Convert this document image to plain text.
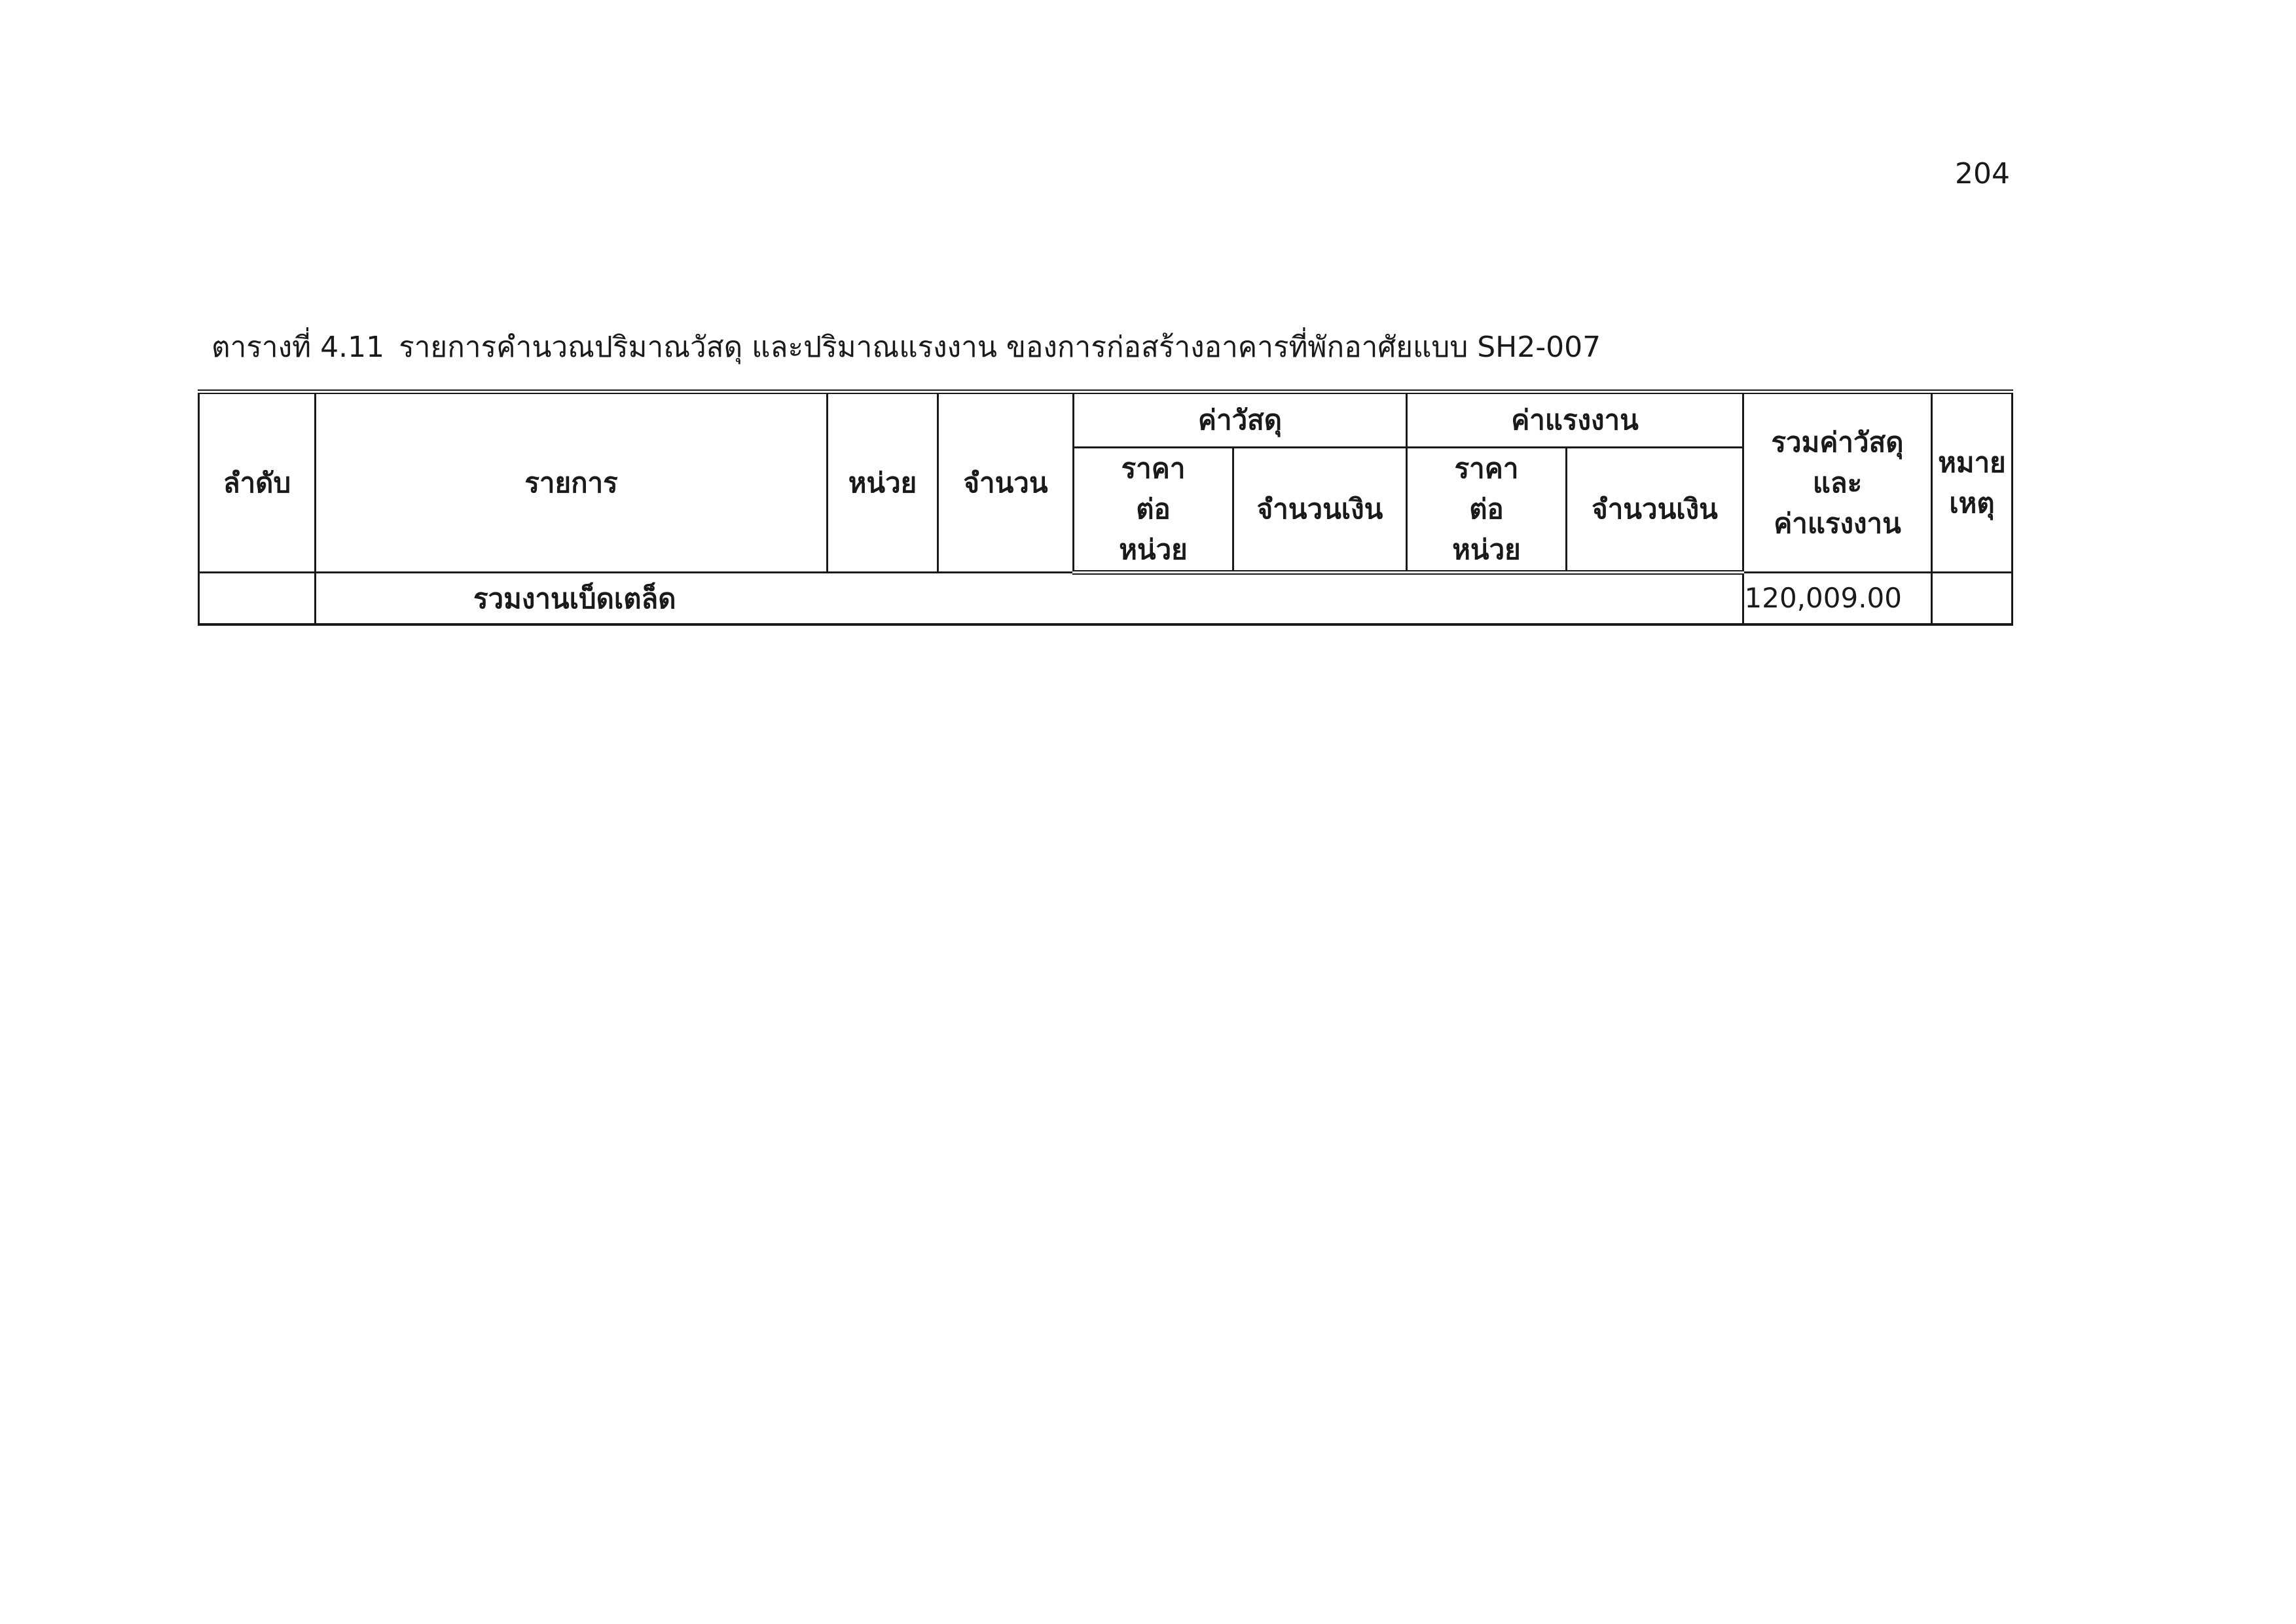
204
ตารางที่ 4.11 รายการคำนวณปริมาณวัสดุ และปริมาณแรงงาน ของการก่อสร้างอาคารที่พักอาศัยแบบ SH2-007
ลำดับ	รายการ	หน่วย	จำนวน	ค่าวัสดุ		ค่าแรงงาน		รวมค่าวัสดุ และ ค่าแรงงาน	หมาย เหตุ
				ราคาต่อ หน่วย	จำนวนเงิน	ราคาต่อ หน่วย	จำนวนเงิน		
	รวมงานเบ็ดเตล็ด							120,009.00	
